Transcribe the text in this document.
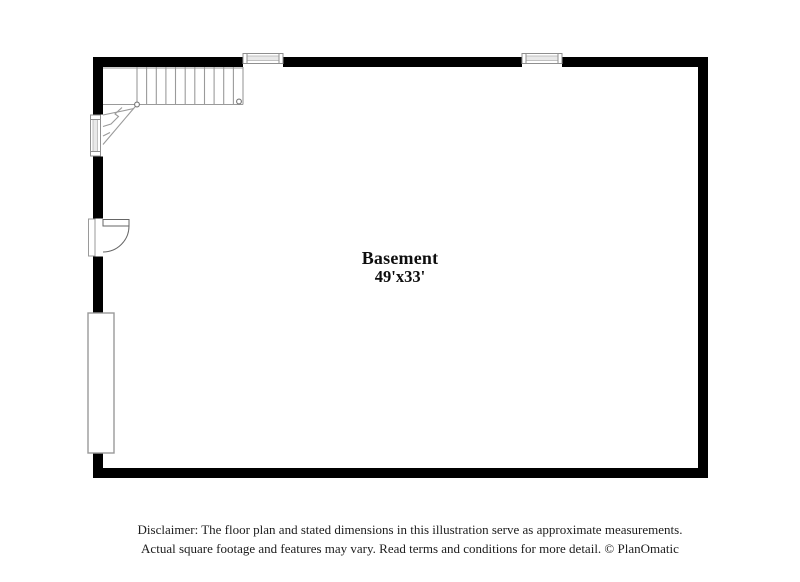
Basement
49'x33'
Disclaimer: The floor plan and stated dimensions in this illustration serve as approximate measurements.
Actual square footage and features may vary. Read terms and conditions for more detail. © PlanOmatic
